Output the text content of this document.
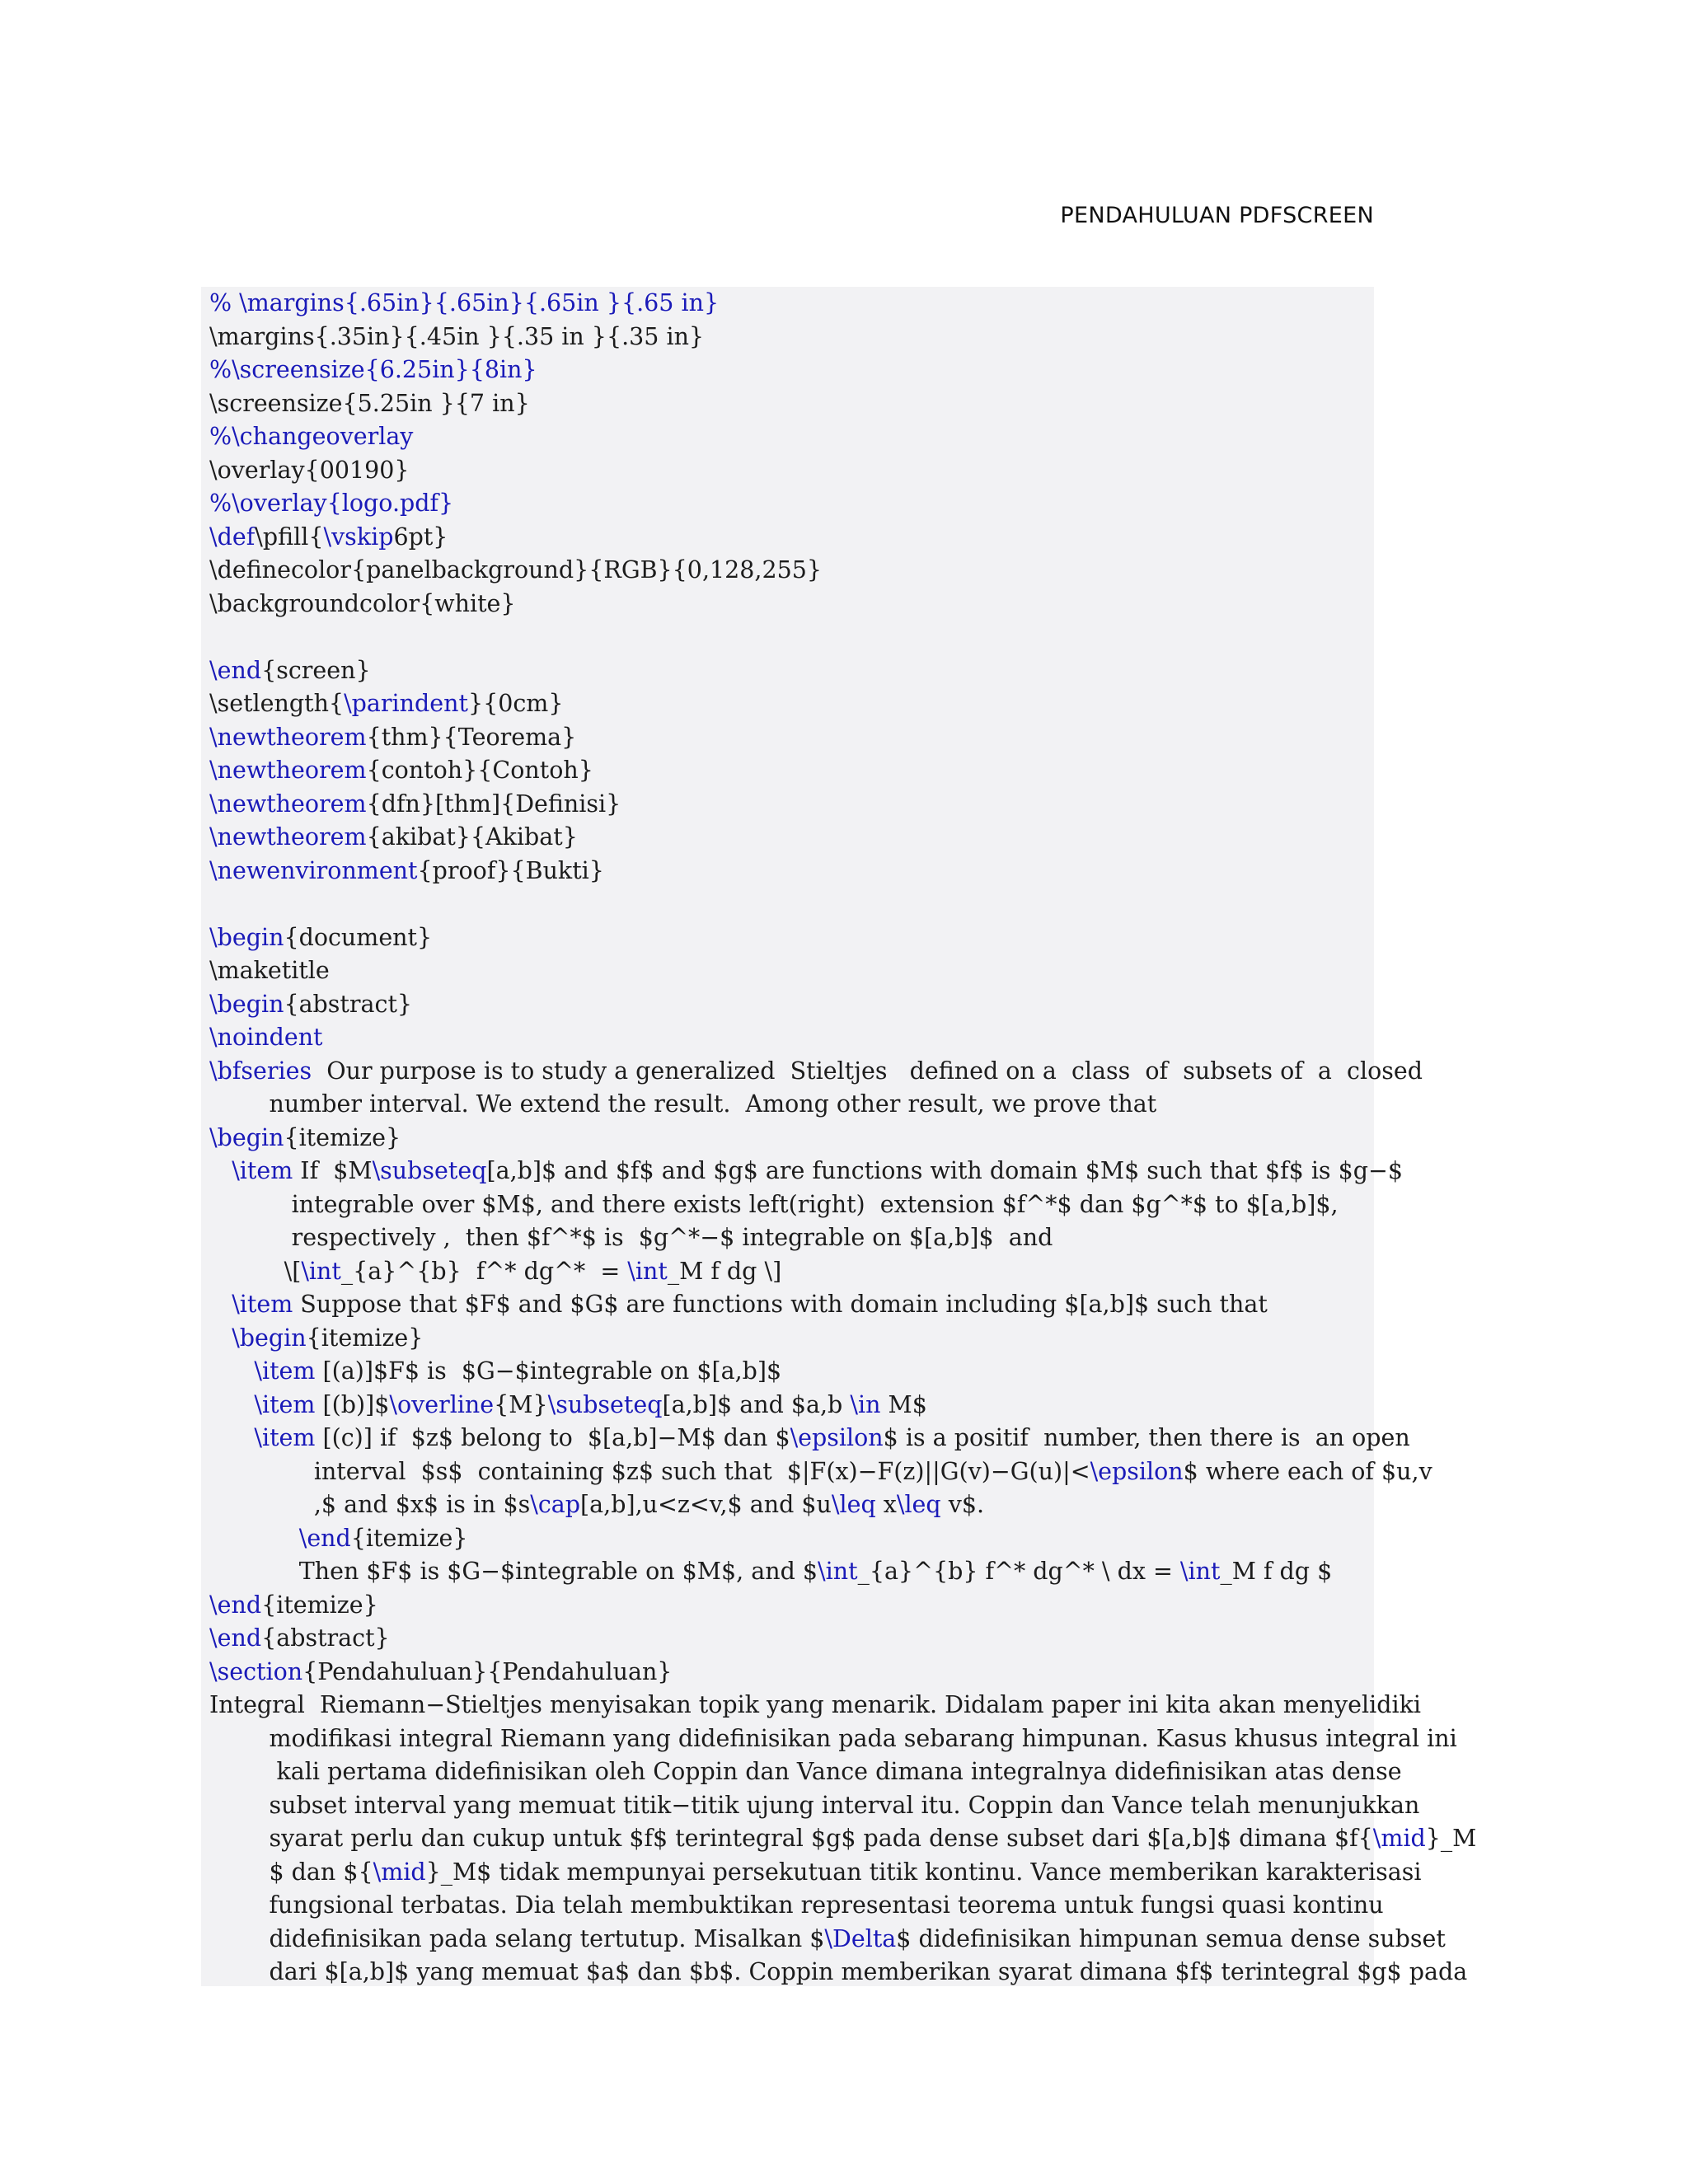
PENDAHULUAN PDFSCREEN
% \margins{.65in}{.65in}{.65in }{.65 in}
\margins{.35in}{.45in }{.35 in }{.35 in}
%\screensize{6.25in}{8in}
\screensize{5.25in }{7 in}
%\changeoverlay
\overlay{00190}
%\overlay{logo.pdf}
\def\pfill{\vskip6pt}
\definecolor{panelbackground}{RGB}{0,128,255}
\backgroundcolor{white}
\end{screen}
\setlength{\parindent}{0cm}
\newtheorem{thm}{Teorema}
\newtheorem{contoh}{Contoh}
\newtheorem{dfn}[thm]{Definisi}
\newtheorem{akibat}{Akibat}
\newenvironment{proof}{Bukti}
\begin{document}
\maketitle
\begin{abstract}
\noindent
\bfseries  Our purpose is to study a generalized  Stieltjes   defined on a  class  of  subsets of  a  closed
number interval. We extend the result.  Among other result, we prove that
\begin{itemize}
\item If  $M\subseteq[a,b]$ and $f$ and $g$ are functions with domain $M$ such that $f$ is $g−$
integrable over $M$, and there exists left(right)  extension $f^*$ dan $g^*$ to $[a,b]$,
respectively ,  then $f^*$ is  $g^*−$ integrable on $[a,b]$  and
\[\int_{a}^{b}  f^* dg^*  = \int_M f dg \]
\item Suppose that $F$ and $G$ are functions with domain including $[a,b]$ such that
\begin{itemize}
\item [(a)]$F$ is  $G−$integrable on $[a,b]$
\item [(b)]$\overline{M}\subseteq[a,b]$ and $a,b \in M$
\item [(c)] if  $z$ belong to  $[a,b]−M$ dan $\epsilon$ is a positif  number, then there is  an open
interval  $s$  containing $z$ such that  $|F(x)−F(z)||G(v)−G(u)|<\epsilon$ where each of $u,v
,$ and $x$ is in $s\cap[a,b],u<z<v,$ and $u\leq x\leq v$.
\end{itemize}
Then $F$ is $G−$integrable on $M$, and $\int_{a}^{b} f^* dg^* \ dx = \int_M f dg $
\end{itemize}
\end{abstract}
\section{Pendahuluan}{Pendahuluan}
Integral  Riemann−Stieltjes menyisakan topik yang menarik. Didalam paper ini kita akan menyelidiki
modifikasi integral Riemann yang didefinisikan pada sebarang himpunan. Kasus khusus integral ini
kali pertama didefinisikan oleh Coppin dan Vance dimana integralnya didefinisikan atas dense
subset interval yang memuat titik−titik ujung interval itu. Coppin dan Vance telah menunjukkan
syarat perlu dan cukup untuk $f$ terintegral $g$ pada dense subset dari $[a,b]$ dimana $f{\mid}_M
$ dan ${\mid}_M$ tidak mempunyai persekutuan titik kontinu. Vance memberikan karakterisasi
fungsional terbatas. Dia telah membuktikan representasi teorema untuk fungsi quasi kontinu
didefinisikan pada selang tertutup. Misalkan $\Delta$ didefinisikan himpunan semua dense subset
dari $[a,b]$ yang memuat $a$ dan $b$. Coppin memberikan syarat dimana $f$ terintegral $g$ pada
